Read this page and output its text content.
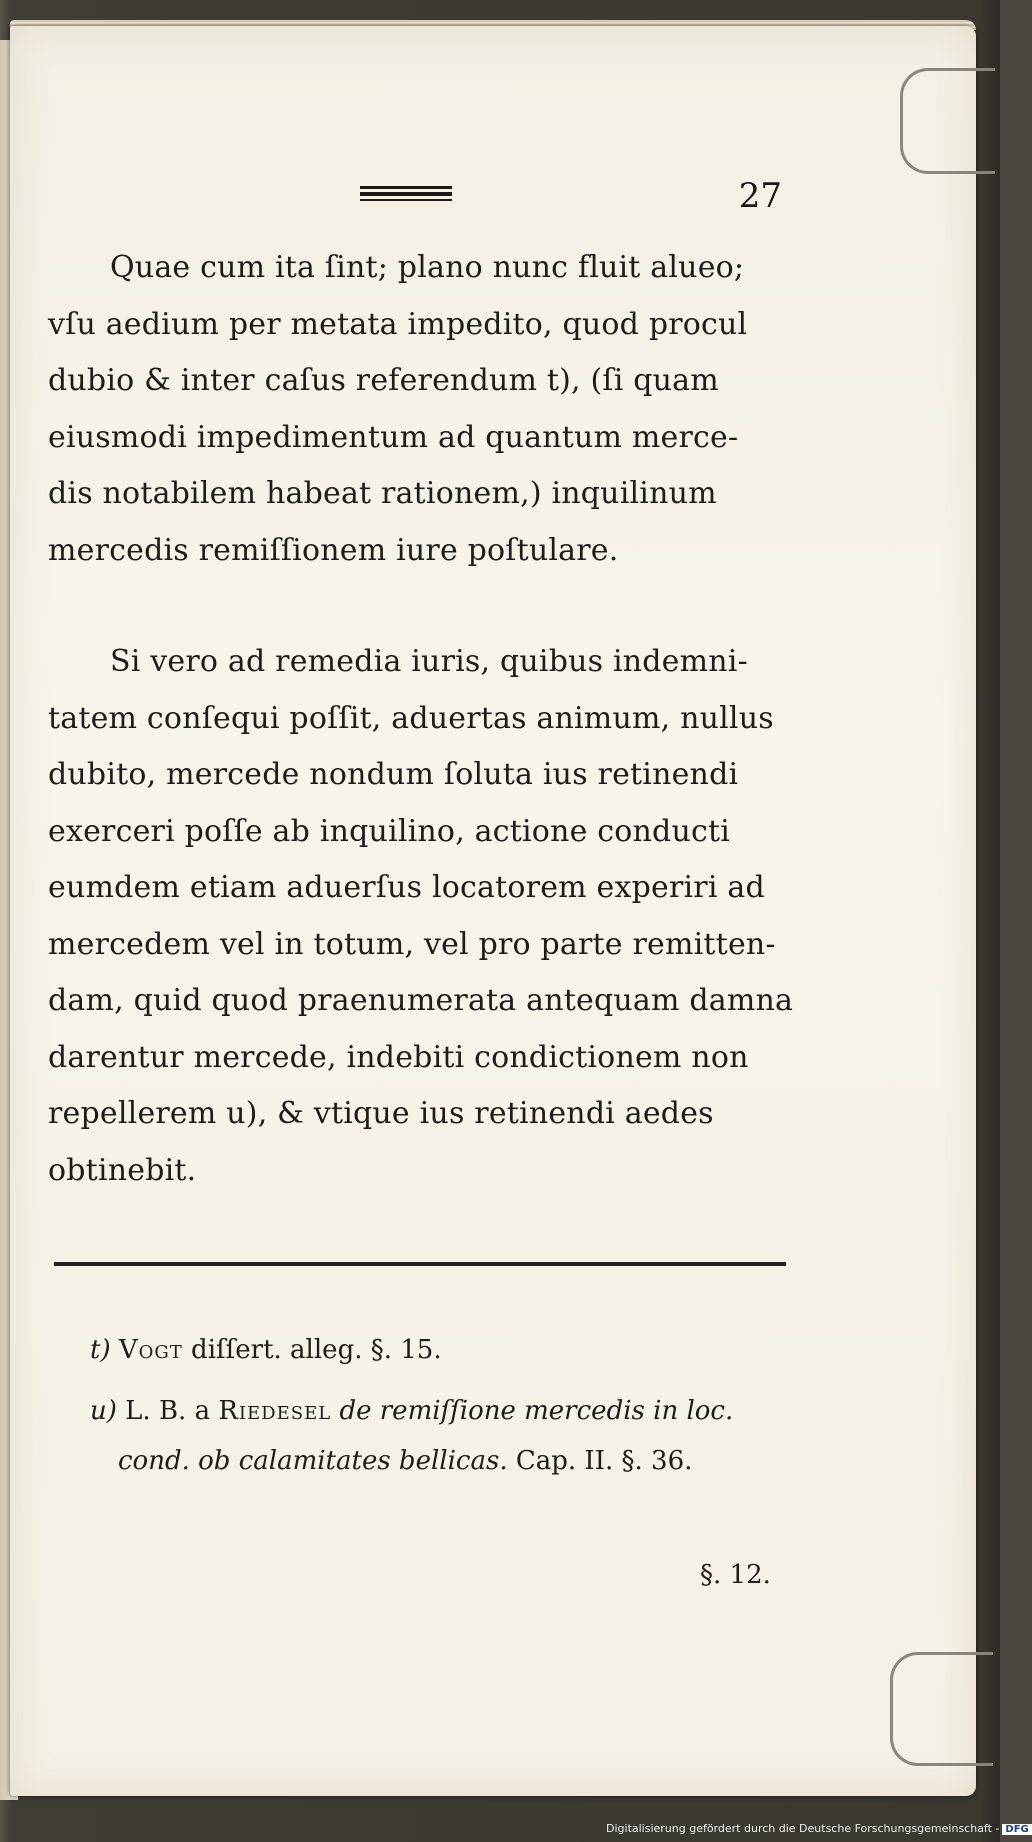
27
Quae cum ita ſint; plano nunc fluit alueo;
vſu aedium per metata impedito, quod procul
dubio & inter caſus referendum t), (ſi quam
eiusmodi impedimentum ad quantum merce-
dis notabilem habeat rationem,) inquilinum
mercedis remiſſionem iure poſtulare.
Si vero ad remedia iuris, quibus indemni-
tatem conſequi poſſit, aduertas animum, nullus
dubito, mercede nondum ſoluta ius retinendi
exerceri poſſe ab inquilino, actione conducti
eumdem etiam aduerſus locatorem experiri ad
mercedem vel in totum, vel pro parte remitten-
dam, quid quod praenumerata antequam damna
darentur mercede, indebiti condictionem non
repellerem u), & vtique ius retinendi aedes
obtinebit.
t) Vogt diſſert. alleg. §. 15.
u) L. B. a Riedesel de remiſſione mercedis in loc.
cond. ob calamitates bellicas. Cap. II. §. 36.
§. 12.
Digitalisierung gefördert durch die Deutsche Forschungsgemeinschaft - DFG
